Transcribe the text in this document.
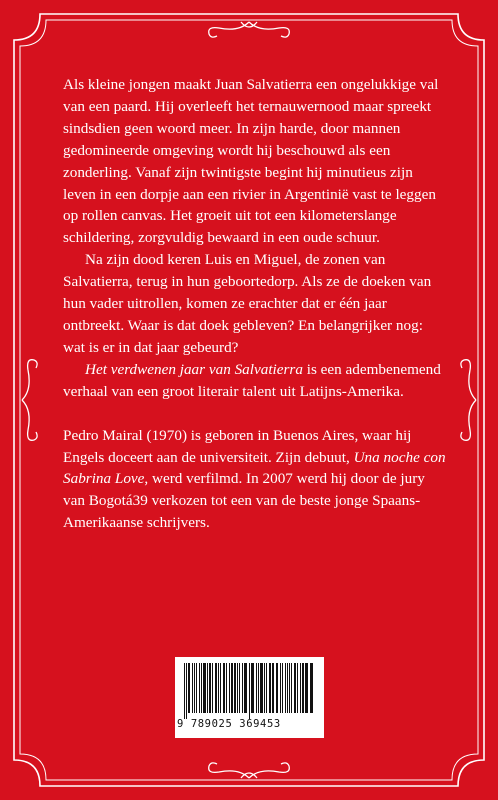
Als kleine jongen maakt Juan Salvatierra een ongelukkige val van een paard. Hij overleeft het ternauwernood maar spreekt sindsdien geen woord meer. In zijn harde, door mannen gedomineerde omgeving wordt hij beschouwd als een zonderling. Vanaf zijn twintigste begint hij minutieus zijn leven in een dorpje aan een rivier in Argentinië vast te leggen op rollen canvas. Het groeit uit tot een kilometerslange schildering, zorgvuldig bewaard in een oude schuur.

Na zijn dood keren Luis en Miguel, de zonen van Salvatierra, terug in hun geboortedorp. Als ze de doeken van hun vader uitrollen, komen ze erachter dat er één jaar ontbreekt. Waar is dat doek gebleven? En belangrijker nog: wat is er in dat jaar gebeurd?

Het verdwenen jaar van Salvatierra is een adembenemend verhaal van een groot literair talent uit Latijns-Amerika.

Pedro Mairal (1970) is geboren in Buenos Aires, waar hij Engels doceert aan de universiteit. Zijn debuut, Una noche con Sabrina Love, werd verfilmd. In 2007 werd hij door de jury van Bogotá39 verkozen tot een van de beste jonge Spaans-Amerikaanse schrijvers.

9 789025 369453
